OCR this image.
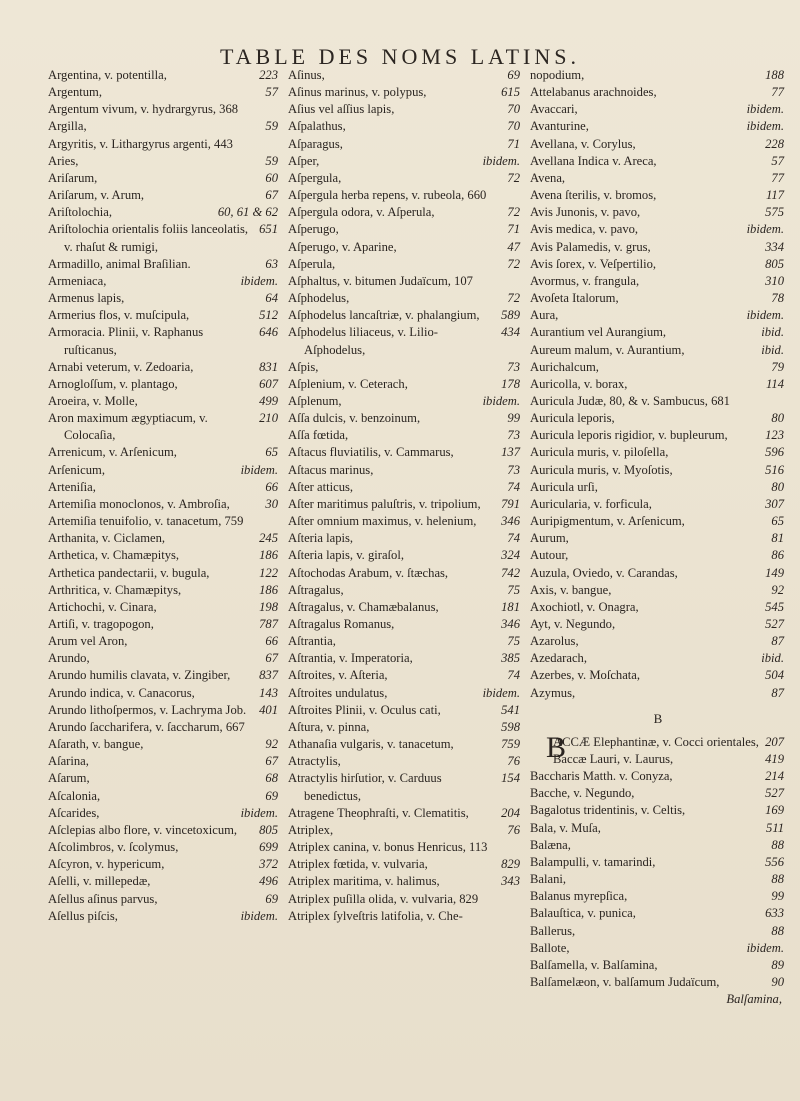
TABLE DES NOMS LATINS.
223
Argentina, v. potentilla,
57
Argentum,
Argentum vivum, v. hydrargyrus, 368
59
Argilla,
Argyritis, v. Lithargyrus argenti, 443
59
Aries,
60
Ariſarum,
67
Ariſarum, v. Arum,
60, 61 & 62
Ariſtolochia,
651
Ariſtolochia orientalis foliis lanceolatis, v. rhaſut & rumigi,
63
Armadillo, animal Braſilian.
ibidem.
Armeniaca,
64
Armenus lapis,
512
Armerius flos, v. muſcipula,
646
Armoracia. Plinii, v. Raphanus ruſticanus,
831
Arnabi veterum, v. Zedoaria,
607
Arnoglοſſum, v. plantago,
499
Aroeira, v. Molle,
210
Aron maximum ægyptiacum, v. Colocaſia,
65
Arrenicum, v. Arſenicum,
ibidem.
Arſenicum,
66
Arteniſia,
30
Artemiſia monoclonos, v. Ambroſia,
Artemiſia tenuifolio, v. tanacetum, 759
245
Arthanita, v. Ciclamen,
186
Arthetica, v. Chamæpitys,
122
Arthetica pandectarii, v. bugula,
186
Arthritica, v. Chamæpitys,
198
Artichochi, v. Cinara,
787
Artiſi, v. tragopogon,
66
Arum vel Aron,
67
Arundo,
837
Arundo humilis clavata, v. Zingiber,
143
Arundo indica, v. Canacorus,
401
Arundo lithoſpermos, v. Lachryma Job.
Arundo ſaccharifera, v. ſaccharum, 667
92
Aſarath, v. bangue,
67
Aſarina,
68
Aſarum,
69
Aſcalonia,
ibidem.
Aſcarides,
805
Aſclepias albo flore, v. vincetoxicum,
699
Aſcolimbros, v. ſcolymus,
372
Aſcyron, v. hypericum,
496
Aſelli, v. millepedæ,
69
Aſellus aſinus parvus,
ibidem.
Aſellus piſcis,
69
Aſinus,
615
Aſinus marinus, v. polypus,
70
Aſius vel aſſius lapis,
70
Aſpalathus,
71
Aſparagus,
ibidem.
Aſper,
72
Aſpergula,
Aſpergula herba repens, v. rubeola, 660
72
Aſpergula odora, v. Aſperula,
71
Aſperugo,
47
Aſperugo, v. Aparine,
72
Aſperula,
Aſphaltus, v. bitumen Judaïcum, 107
72
Aſphodelus,
589
Aſphodelus lancaſtriæ, v. phalangium,
434
Aſphodelus liliaceus, v. Lilio-Aſphodelus,
73
Aſpis,
178
Aſplenium, v. Ceterach,
ibidem.
Aſplenum,
99
Aſſa dulcis, v. benzoinum,
73
Aſſa fœtida,
137
Aſtacus fluviatilis, v. Cammarus,
73
Aſtacus marinus,
74
Aſter atticus,
791
Aſter maritimus paluſtris, v. tripolium,
346
Aſter omnium maximus, v. helenium,
74
Aſteria lapis,
324
Aſteria lapis, v. giraſol,
742
Aſtochodas Arabum, v. ſtæchas,
75
Aſtragalus,
181
Aſtragalus, v. Chamæbalanus,
346
Aſtragalus Romanus,
75
Aſtrantia,
385
Aſtrantia, v. Imperatoria,
74
Aſtroites, v. Aſteria,
ibidem.
Aſtroites undulatus,
541
Aſtroites Plinii, v. Oculus cati,
598
Aſtura, v. pinna,
759
Athanaſia vulgaris, v. tanacetum,
76
Atractylis,
154
Atractylis hirſutior, v. Carduus benedictus,
204
Atragene Theophraſti, v. Clematitis,
76
Atriplex,
Atriplex canina, v. bonus Henricus, 113
829
Atriplex fœtida, v. vulvaria,
343
Atriplex maritima, v. halimus,
Atriplex puſilla olida, v. vulvaria, 829
Atriplex ſylveſtris latifolia, v. Che-
188
nopodium,
77
Attelabanus arachnoides,
ibidem.
Avaccari,
ibidem.
Avanturine,
228
Avellana, v. Corylus,
57
Avellana Indica v. Areca,
77
Avena,
117
Avena ſterilis, v. bromos,
575
Avis Junonis, v. pavo,
ibidem.
Avis medica, v. pavo,
334
Avis Palamedis, v. grus,
805
Avis ſorex, v. Veſpertilio,
310
Avormus, v. frangula,
78
Avoſeta Italorum,
ibidem.
Aura,
ibid.
Aurantium vel Aurangium,
ibid.
Aureum malum, v. Aurantium,
79
Aurichalcum,
114
Auricolla, v. borax,
Auricula Judæ, 80, & v. Sambucus, 681
80
Auricula leporis,
123
Auricula leporis rigidior, v. bupleurum,
596
Auricula muris, v. piloſella,
516
Auricula muris, v. Myoſotis,
80
Auricula urſi,
307
Auricularia, v. forficula,
65
Auripigmentum, v. Arſenicum,
81
Aurum,
86
Autour,
149
Auzula, Oviedo, v. Carandas,
92
Axis, v. bangue,
545
Axochiotl, v. Onagra,
527
Ayt, v. Negundo,
87
Azarolus,
ibid.
Azedarach,
504
Azerbes, v. Moſchata,
87
Azymus,
B
B	207
ACCÆ Elephantinæ, v. Cocci orientales,
419
Baccæ Lauri, v. Laurus,
214
Baccharis Matth. v. Conyza,
527
Bacche, v. Negundo,
169
Bagalotus tridentinis, v. Celtis,
511
Bala, v. Muſa,
88
Balæna,
556
Balampulli, v. tamarindi,
88
Balani,
99
Balanus myrepſica,
633
Balauſtica, v. punica,
88
Ballerus,
ibidem.
Ballote,
89
Balſamella, v. Balſamina,
90
Balſamelæon, v. balſamum Judaïcum,
Balſamina,
